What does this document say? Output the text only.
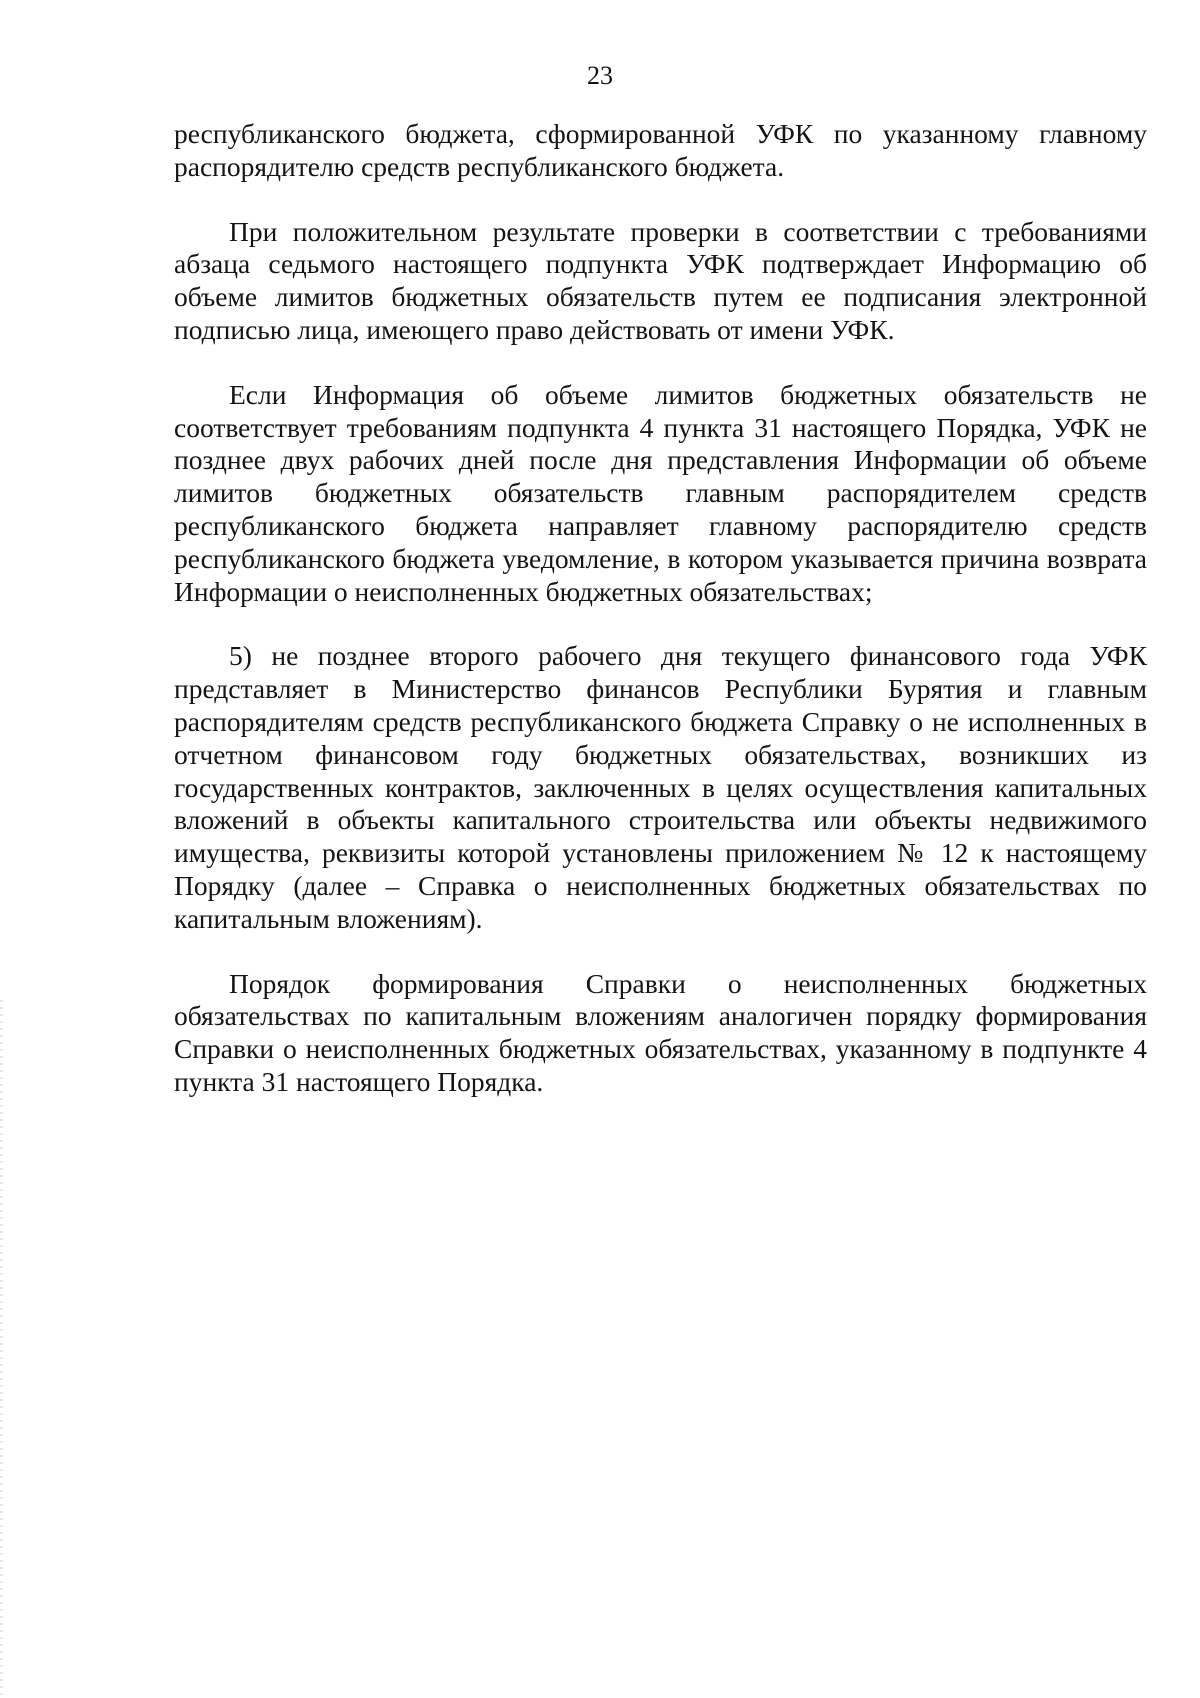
23

республиканского бюджета, сформированной УФК по указанному главному распорядителю средств республиканского бюджета.

При положительном результате проверки в соответствии с требованиями абзаца седьмого настоящего подпункта УФК подтверждает Информацию об объеме лимитов бюджетных обязательств путем ее подписания электронной подписью лица, имеющего право действовать от имени УФК.

Если Информация об объеме лимитов бюджетных обязательств не соответствует требованиям подпункта 4 пункта 31 настоящего Порядка, УФК не позднее двух рабочих дней после дня представления Информации об объеме лимитов бюджетных обязательств главным распорядителем средств республиканского бюджета направляет главному распорядителю средств республиканского бюджета уведомление, в котором указывается причина возврата Информации о неисполненных бюджетных обязательствах;

5) не позднее второго рабочего дня текущего финансового года УФК представляет в Министерство финансов Республики Бурятия и главным распорядителям средств республиканского бюджета Справку о не исполненных в отчетном финансовом году бюджетных обязательствах, возникших из государственных контрактов, заключенных в целях осуществления капитальных вложений в объекты капитального строительства или объекты недвижимого имущества, реквизиты которой установлены приложением № 12 к настоящему Порядку (далее – Справка о неисполненных бюджетных обязательствах по капитальным вложениям).

Порядок формирования Справки о неисполненных бюджетных обязательствах по капитальным вложениям аналогичен порядку формирования Справки о неисполненных бюджетных обязательствах, указанному в подпункте 4 пункта 31 настоящего Порядка.
